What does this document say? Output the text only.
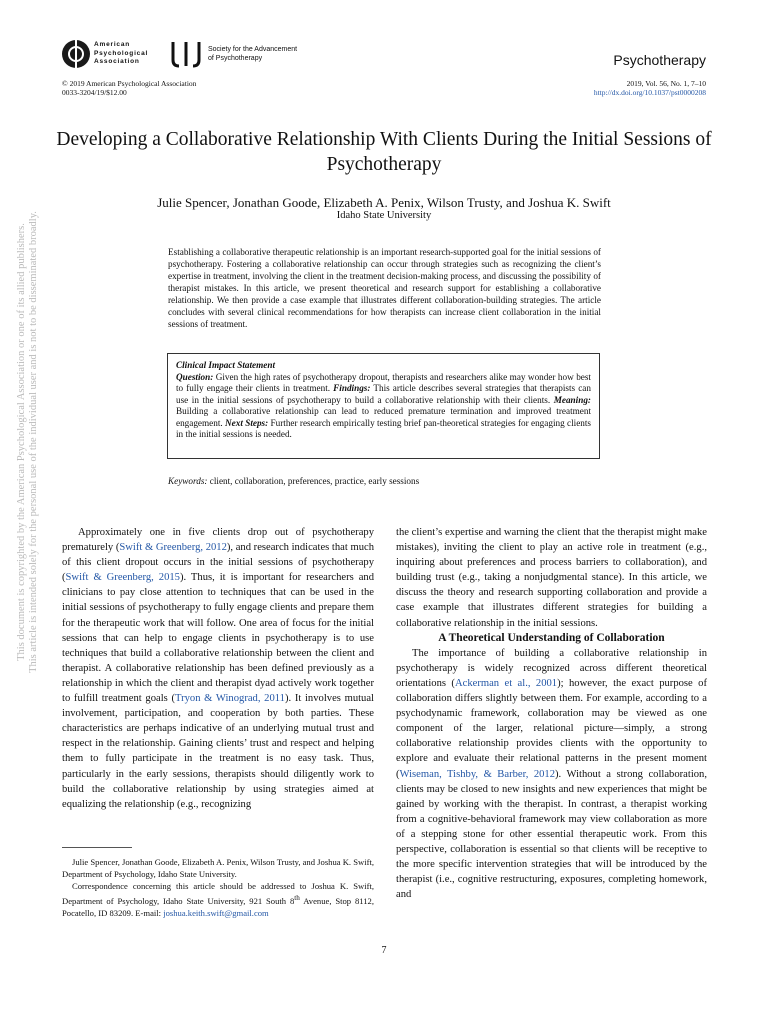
American
Psychological
Association
Society for the Advancement
of Psychotherapy	Psychotherapy
© 2019 American Psychological Association
0033-3204/19/$12.00
2019, Vol. 56, No. 1, 7–10
http://dx.doi.org/10.1037/pst0000208
This document is copyrighted by the American Psychological Association or one of its allied publishers. This article is intended solely for the personal use of the individual user and is not to be disseminated broadly.
Developing a Collaborative Relationship With Clients During the Initial Sessions of Psychotherapy
Julie Spencer, Jonathan Goode, Elizabeth A. Penix, Wilson Trusty, and Joshua K. Swift
Idaho State University
Establishing a collaborative therapeutic relationship is an important research-supported goal for the initial sessions of psychotherapy. Fostering a collaborative relationship can occur through strategies such as recognizing the client’s expertise in treatment, involving the client in the treatment decision-making process, and discussing the possibility of therapist mistakes. In this article, we present theoretical and research support for establishing a collaborative relationship. We then provide a case example that illustrates different collaboration-building strategies. The article concludes with several clinical recommendations for how therapists can increase client collaboration in the initial sessions of treatment.
Clinical Impact Statement
Question: Given the high rates of psychotherapy dropout, therapists and researchers alike may wonder how best to fully engage their clients in treatment. Findings: This article describes several strategies that therapists can use in the initial sessions of psychotherapy to build a collaborative relationship with their clients. Meaning: Building a collaborative relationship can lead to reduced premature termination and improved treatment engagement. Next Steps: Further research empirically testing brief pan-theoretical strategies for engaging clients in the initial sessions is needed.
Keywords: client, collaboration, preferences, practice, early sessions

Approximately one in five clients drop out of psychotherapy prematurely (Swift & Greenberg, 2012), and research indicates that much of this client dropout occurs in the initial sessions of psychotherapy (Swift & Greenberg, 2015). Thus, it is important for researchers and clinicians to pay close attention to techniques that can be used in the initial sessions of psychotherapy to fully engage clients and prepare them for the therapeutic work that will follow. One area of focus for the initial sessions that can help to engage clients in psychotherapy is to use techniques that build a collaborative relationship between the client and therapist. A collaborative relationship has been defined previously as a relationship in which the client and therapist dyad actively work together to fulfill treatment goals (Tryon & Winograd, 2011). It involves mutual involvement, participation, and cooperation by both parties. These characteristics are perhaps indicative of an underlying mutual trust and respect in the relationship. Gaining clients’ trust and respect and helping them to fully participate in the treatment is no easy task. Thus, particularly in the early sessions, therapists should diligently work to build the collaborative relationship by using strategies aimed at equalizing the relationship (e.g., recognizing

the client’s expertise and warning the client that the therapist might make mistakes), inviting the client to play an active role in treatment (e.g., inquiring about preferences and process barriers to collaboration), and building trust (e.g., taking a nonjudgmental stance). In this article, we discuss the theory and research supporting collaboration and provide a case example that illustrates different strategies for building a collaborative relationship in the initial sessions.

A Theoretical Understanding of Collaboration

The importance of building a collaborative relationship in psychotherapy is widely recognized across different theoretical orientations (Ackerman et al., 2001); however, the exact purpose of collaboration differs slightly between them. For example, according to a psychodynamic framework, collaboration may be viewed as one component of the larger, relational picture—simply, a strong collaborative relationship provides clients with the opportunity to explore and evaluate their relational patterns in the present moment (Wiseman, Tishby, & Barber, 2012). Without a strong collaboration, clients may be closed to new insights and new experiences that might be gained by working with the therapist. In contrast, a therapist working from a cognitive-behavioral framework may view collaboration as more of a stepping stone for other essential therapeutic work. From this perspective, collaboration is essential so that clients will be receptive to the more specific intervention strategies that will be introduced by the therapist (i.e., cognitive restructuring, exposures, completing homework, and

Julie Spencer, Jonathan Goode, Elizabeth A. Penix, Wilson Trusty, and Joshua K. Swift, Department of Psychology, Idaho State University.

Correspondence concerning this article should be addressed to Joshua K. Swift, Department of Psychology, Idaho State University, 921 South 8th Avenue, Stop 8112, Pocatello, ID 83209. E-mail: joshua.keith.swift@gmail.com

7
